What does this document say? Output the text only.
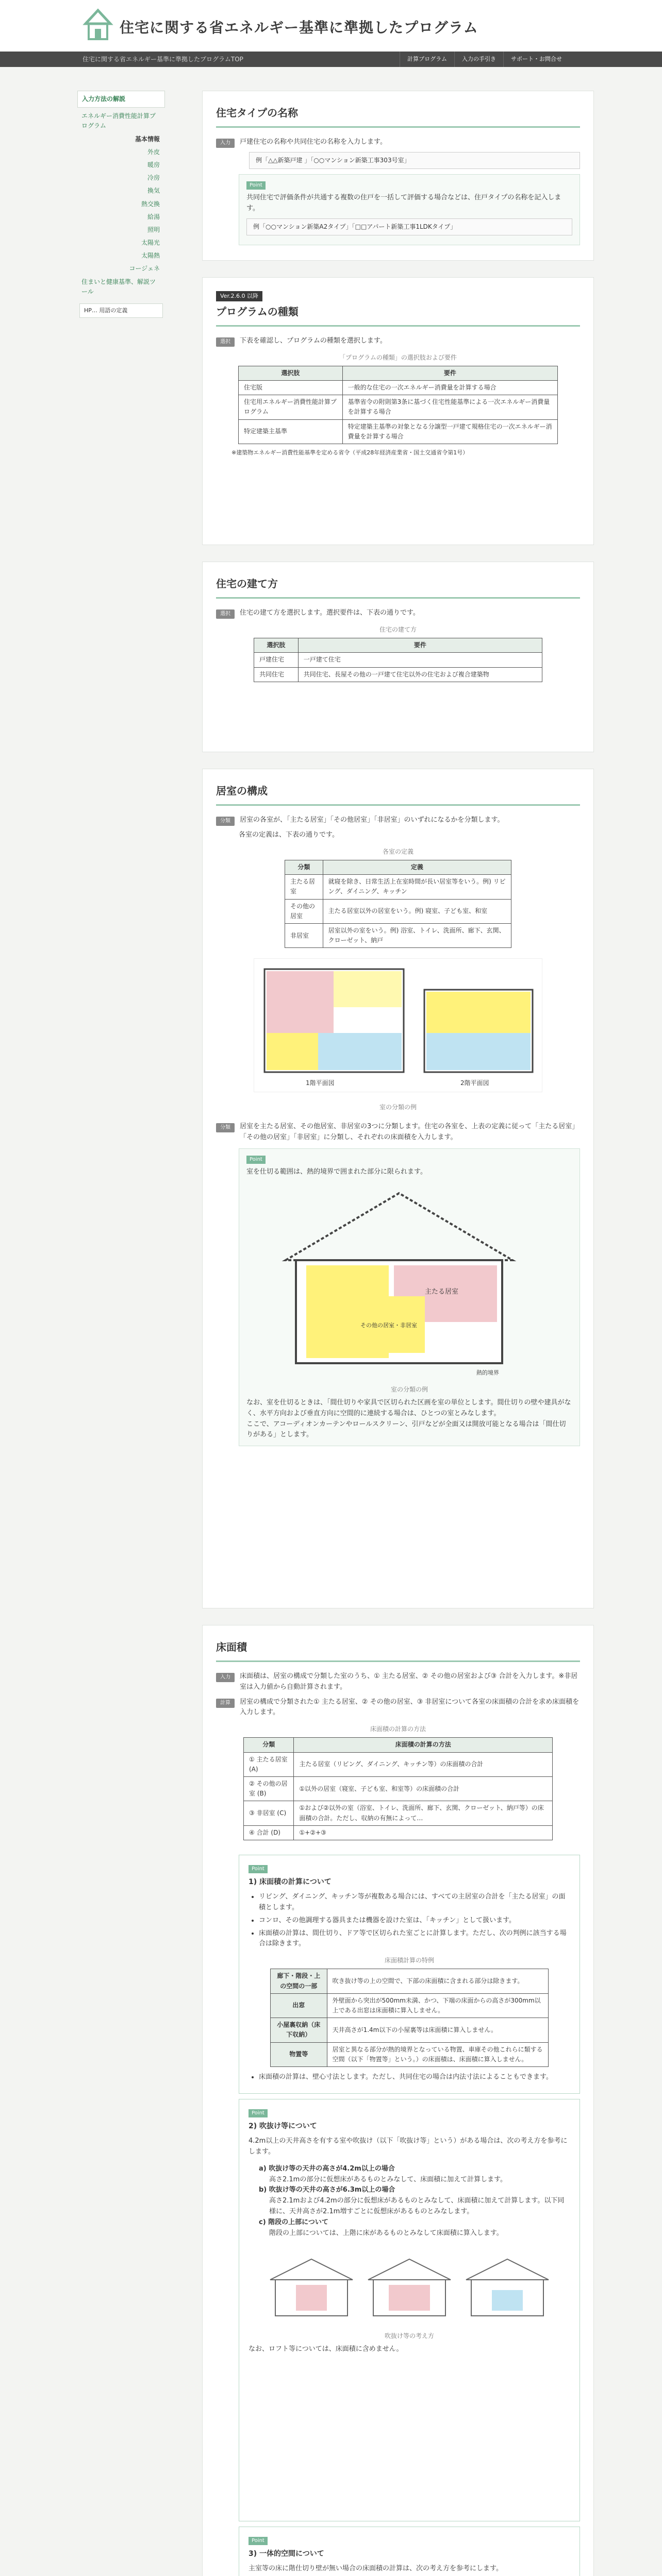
住宅に関する省エネルギー基準に準拠したプログラム
住宅に関する省エネルギー基準に準拠したプログラムTOP	計算プログラム	入力の手引き	サポート・お問合せ
入力方法の解説
エネルギー消費性能計算プログラム
基本情報
外皮
暖房
冷房
換気
熱交換
給湯
照明
太陽光
太陽熱
コージェネ
住まいと健康基準、解説ツール
HP… 用語の定義
住宅タイプの名称
入力	戸建住宅の名称や共同住宅の名称を入力します。
例「△△新築戸建 」「○○マンション新築工事303号室」
Point
共同住宅で評価条件が共通する複数の住戸を一括して評価する場合などは、住戸タイプの名称を記入します。
例「○○マンション新築A2タイプ」「□□アパート新築工事1LDKタイプ」
Ver.2.6.0 以降
プログラムの種類
選択	下表を確認し、プログラムの種類を選択します。
「プログラムの種類」の選択肢および要件
選択肢	要件
住宅版	一般的な住宅の一次エネルギー消費量を計算する場合
住宅用エネルギー消費性能計算プログラム	基準省令の附則第3条に基づく住宅性能基準による一次エネルギー消費量を計算する場合
特定建築主基準	特定建築主基準の対象となる分譲型一戸建て規格住宅の一次エネルギー消費量を計算する場合
※建築物エネルギー消費性能基準を定める省令（平成28年経済産業省・国土交通省令第1号）
住宅の建て方
選択	住宅の建て方を選択します。選択要件は、下表の通りです。
住宅の建て方
選択肢	要件
戸建住宅	一戸建て住宅
共同住宅	共同住宅、長屋その他の一戸建て住宅以外の住宅および複合建築物
居室の構成
分類	居室の各室が、「主たる居室」「その他居室」「非居室」のいずれになるかを分類します。
各室の定義は、下表の通りです。
各室の定義
分類	定義
主たる居室	就寝を除き、日常生活上在室時間が長い居室等をいう。例) リビング、ダイニング、キッチン
その他の居室	主たる居室以外の居室をいう。例) 寝室、子ども室、和室
非居室	居室以外の室をいう。例) 浴室、トイレ、洗面所、廊下、玄関、クローゼット、納戸
1階平面図	2階平面図
室の分類の例
分類	居室を主たる居室、その他居室、非居室の3つに分類します。住宅の各室を、上表の定義に従って「主たる居室」「その他の居室」「非居室」に分類し、それぞれの床面積を入力します。
Point
室を仕切る範囲は、熱的境界で囲まれた部分に限られます。
主たる居室
その他の居室・非居室
熱的境界
室の分類の例
なお、室を仕切るときは、「間仕切りや家具で区切られた区画を室の単位とします。間仕切りの壁や建具がなく、水平方向および垂直方向に空間的に連続する場合は、ひとつの室とみなします。
ここで、アコーディオンカーテンやロールスクリーン、引戸などが全面又は開放可能となる場合は「間仕切りがある」とします。
床面積
入力	床面積は、居室の構成で分類した室のうち、① 主たる居室、② その他の居室および③ 合計を入力します。※非居室は入力値から自動計算されます。
計算	居室の構成で分類された① 主たる居室、② その他の居室、③ 非居室について各室の床面積の合計を求め床面積を入力します。
床面積の計算の方法
分類	床面積の計算の方法
① 主たる居室 (A)	主たる居室（リビング、ダイニング、キッチン等）の床面積の合計
② その他の居室 (B)	①以外の居室（寝室、子ども室、和室等）の床面積の合計
③ 非居室 (C)	①および②以外の室（浴室、トイレ、洗面所、廊下、玄関、クローゼット、納戸等）の床面積の合計。ただし、収納の有無によって…
④ 合計 (D)	①+②+③
Point
1) 床面積の計算について
• リビング、ダイニング、キッチン等が複数ある場合には、すべての主居室の合計を「主たる居室」の面積とします。
• コンロ、その他調理する器具または機器を設けた室は、「キッチン」として扱います。
• 床面積の計算は、間仕切り、ドア等で区切られた室ごとに計算します。ただし、次の判例に該当する場合は除きます。
床面積計算の特例
廊下・階段・上の空間の一部	吹き抜け等の上の空間で、下部の床面積に含まれる部分は除きます。
出窓	外壁面から突出が500mm未満、かつ、下端の床面からの高さが300mm以上である出窓は床面積に算入しません。
小屋裏収納（床下収納）	天井高さが1.4m以下の小屋裏等は床面積に算入しません。
物置等	居室と異なる部分が熱的境界となっている物置、車庫その他これらに類する空間（以下「物置等」という。）の床面積は、床面積に算入しません。
• 床面積の計算は、壁心寸法とします。ただし、共同住宅の場合は内法寸法によることもできます。
Point
2) 吹抜け等について
4.2m以上の天井高さを有する室や吹抜け（以下「吹抜け等」という）がある場合は、次の考え方を参考にします。
a) 吹抜け等の天井の高さが4.2m以上の場合
高さ2.1mの部分に仮想床があるものとみなして、床面積に加えて計算します。
b) 吹抜け等の天井の高さが6.3m以上の場合
高さ2.1mおよび4.2mの部分に仮想床があるものとみなして、床面積に加えて計算します。以下同様に、天井高さが2.1m増すごとに仮想床があるものとみなします。
c) 階段の上部について
階段の上部については、上階に床があるものとみなして床面積に算入します。
吹抜け等の考え方
なお、ロフト等については、床面積に含めません。
Point
3) 一体的空間について
主室等の床に階仕切り壁が無い場合の床面積の計算は、次の考え方を参考にします。
